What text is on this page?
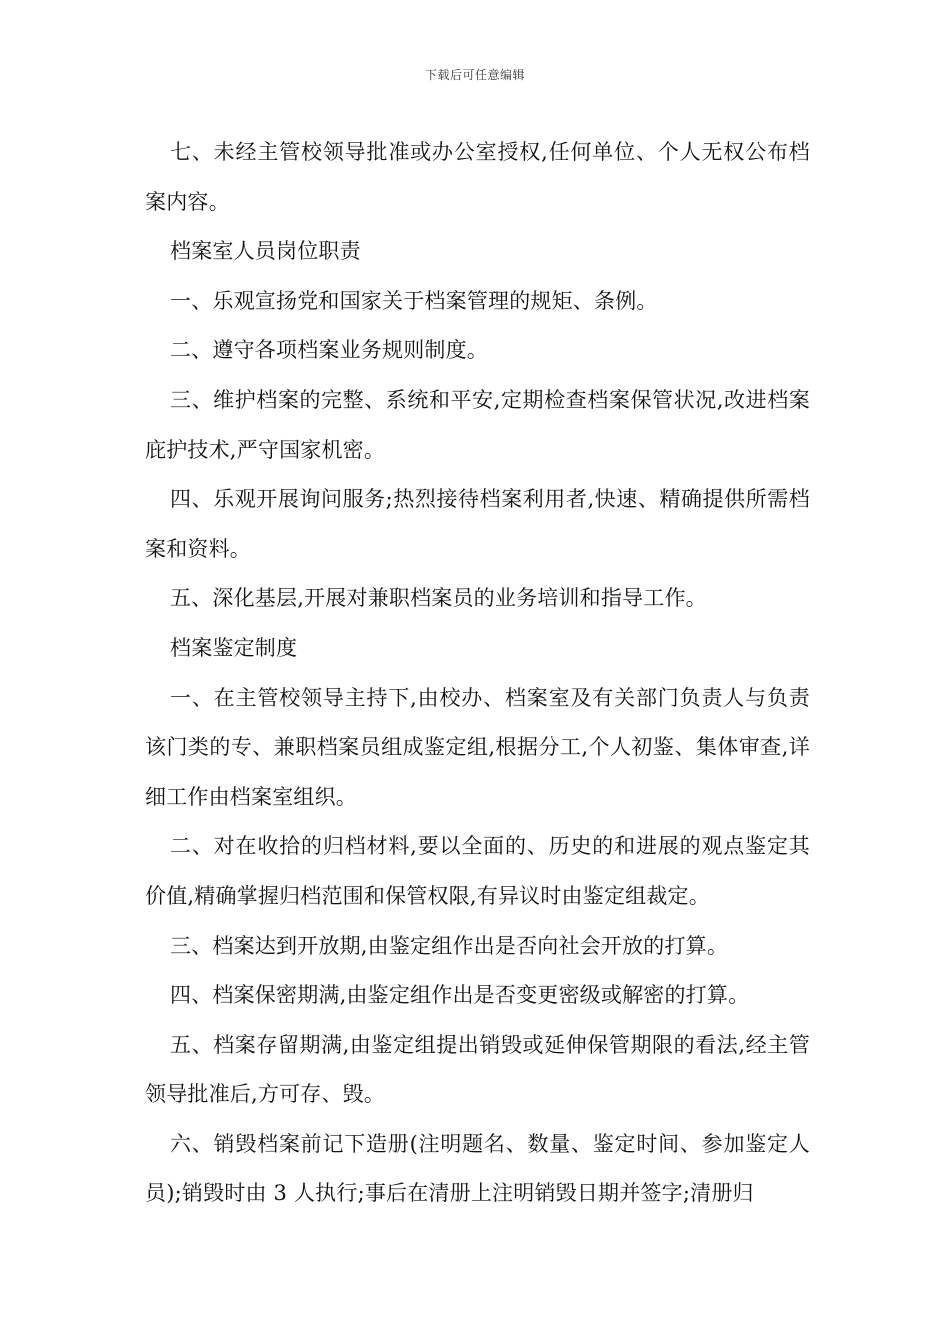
下载后可任意编辑

七、未经主管校领导批准或办公室授权,任何单位、个人无权公布档案内容。

档案室人员岗位职责

一、乐观宣扬党和国家关于档案管理的规矩、条例。

二、遵守各项档案业务规则制度。

三、维护档案的完整、系统和平安,定期检查档案保管状况,改进档案庇护技术,严守国家机密。

四、乐观开展询问服务;热烈接待档案利用者,快速、精确提供所需档案和资料。

五、深化基层,开展对兼职档案员的业务培训和指导工作。

档案鉴定制度

一、在主管校领导主持下,由校办、档案室及有关部门负责人与负责该门类的专、兼职档案员组成鉴定组,根据分工,个人初鉴、集体审查,详细工作由档案室组织。

二、对在收拾的归档材料,要以全面的、历史的和进展的观点鉴定其价值,精确掌握归档范围和保管权限,有异议时由鉴定组裁定。

三、档案达到开放期,由鉴定组作出是否向社会开放的打算。

四、档案保密期满,由鉴定组作出是否变更密级或解密的打算。

五、档案存留期满,由鉴定组提出销毁或延伸保管期限的看法,经主管领导批准后,方可存、毁。

六、销毁档案前记下造册(注明题名、数量、鉴定时间、参加鉴定人员);销毁时由 3 人执行;事后在清册上注明销毁日期并签字;清册归
